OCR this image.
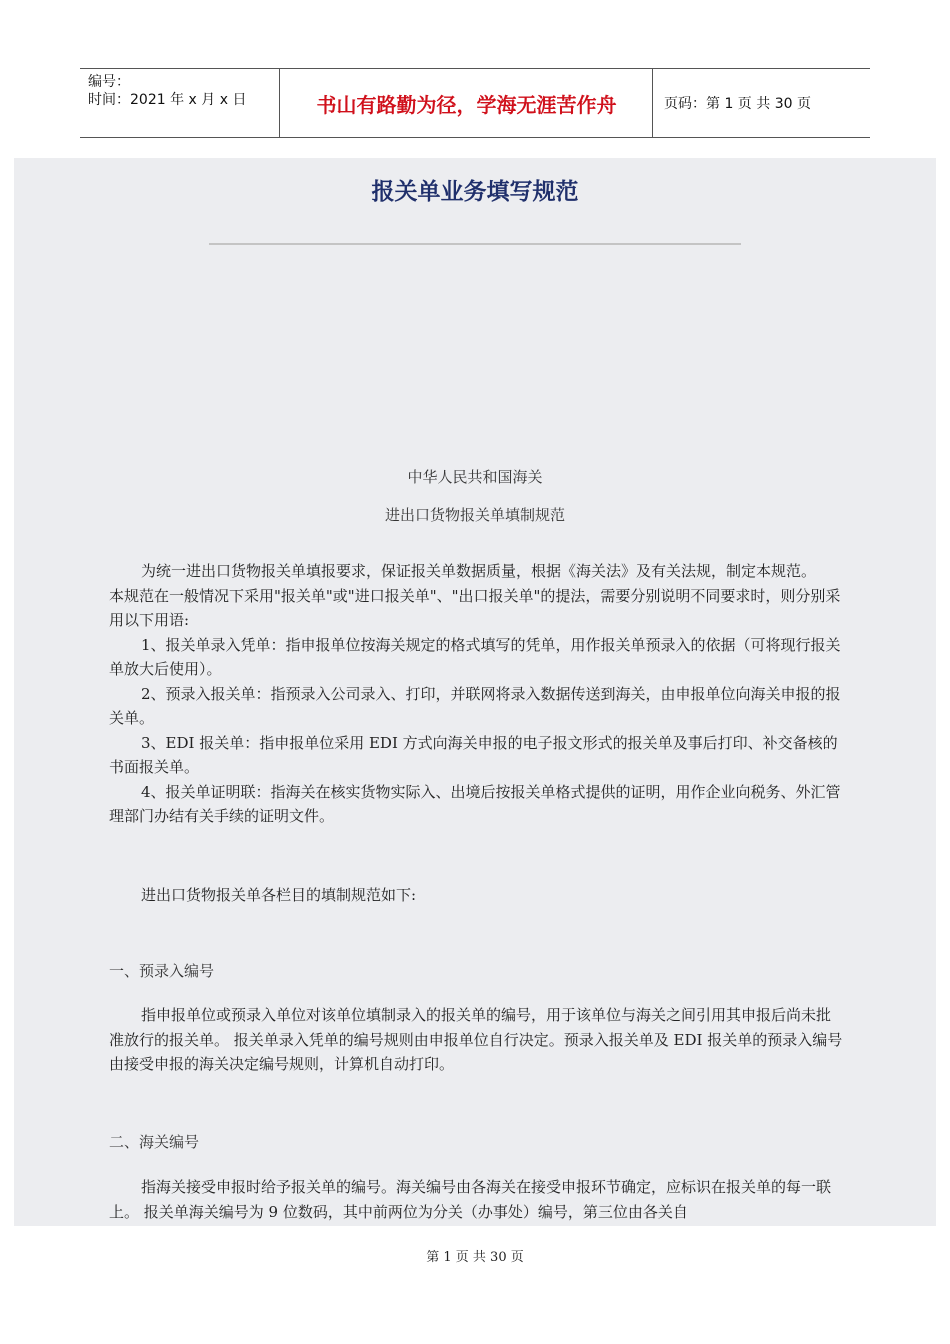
编号：
时间：2021 年 x 月 x 日	书山有路勤为径，学海无涯苦作舟	页码：第 1 页 共 30 页
报关单业务填写规范
中华人民共和国海关
进出口货物报关单填制规范

为统一进出口货物报关单填报要求，保证报关单数据质量，根据《海关法》及有关法规，制定本规范。

本规范在一般情况下采用"报关单"或"进口报关单"、"出口报关单"的提法，需要分别说明不同要求时，则分别采用以下用语:

1、报关单录入凭单：指申报单位按海关规定的格式填写的凭单，用作报关单预录入的依据（可将现行报关单放大后使用）。

2、预录入报关单：指预录入公司录入、打印，并联网将录入数据传送到海关，由申报单位向海关申报的报关单。

3、EDI 报关单：指申报单位采用 EDI 方式向海关申报的电子报文形式的报关单及事后打印、补交备核的书面报关单。

4、报关单证明联：指海关在核实货物实际入、出境后按报关单格式提供的证明，用作企业向税务、外汇管理部门办结有关手续的证明文件。

进出口货物报关单各栏目的填制规范如下:
一、预录入编号
指申报单位或预录入单位对该单位填制录入的报关单的编号，用于该单位与海关之间引用其申报后尚未批准放行的报关单。 报关单录入凭单的编号规则由申报单位自行决定。预录入报关单及 EDI 报关单的预录入编号由接受申报的海关决定编号规则，计算机自动打印。
二、海关编号
指海关接受申报时给予报关单的编号。海关编号由各海关在接受申报环节确定，应标识在报关单的每一联上。 报关单海关编号为 9 位数码，其中前两位为分关（办事处）编号，第三位由各关自
第 1 页 共 30 页
